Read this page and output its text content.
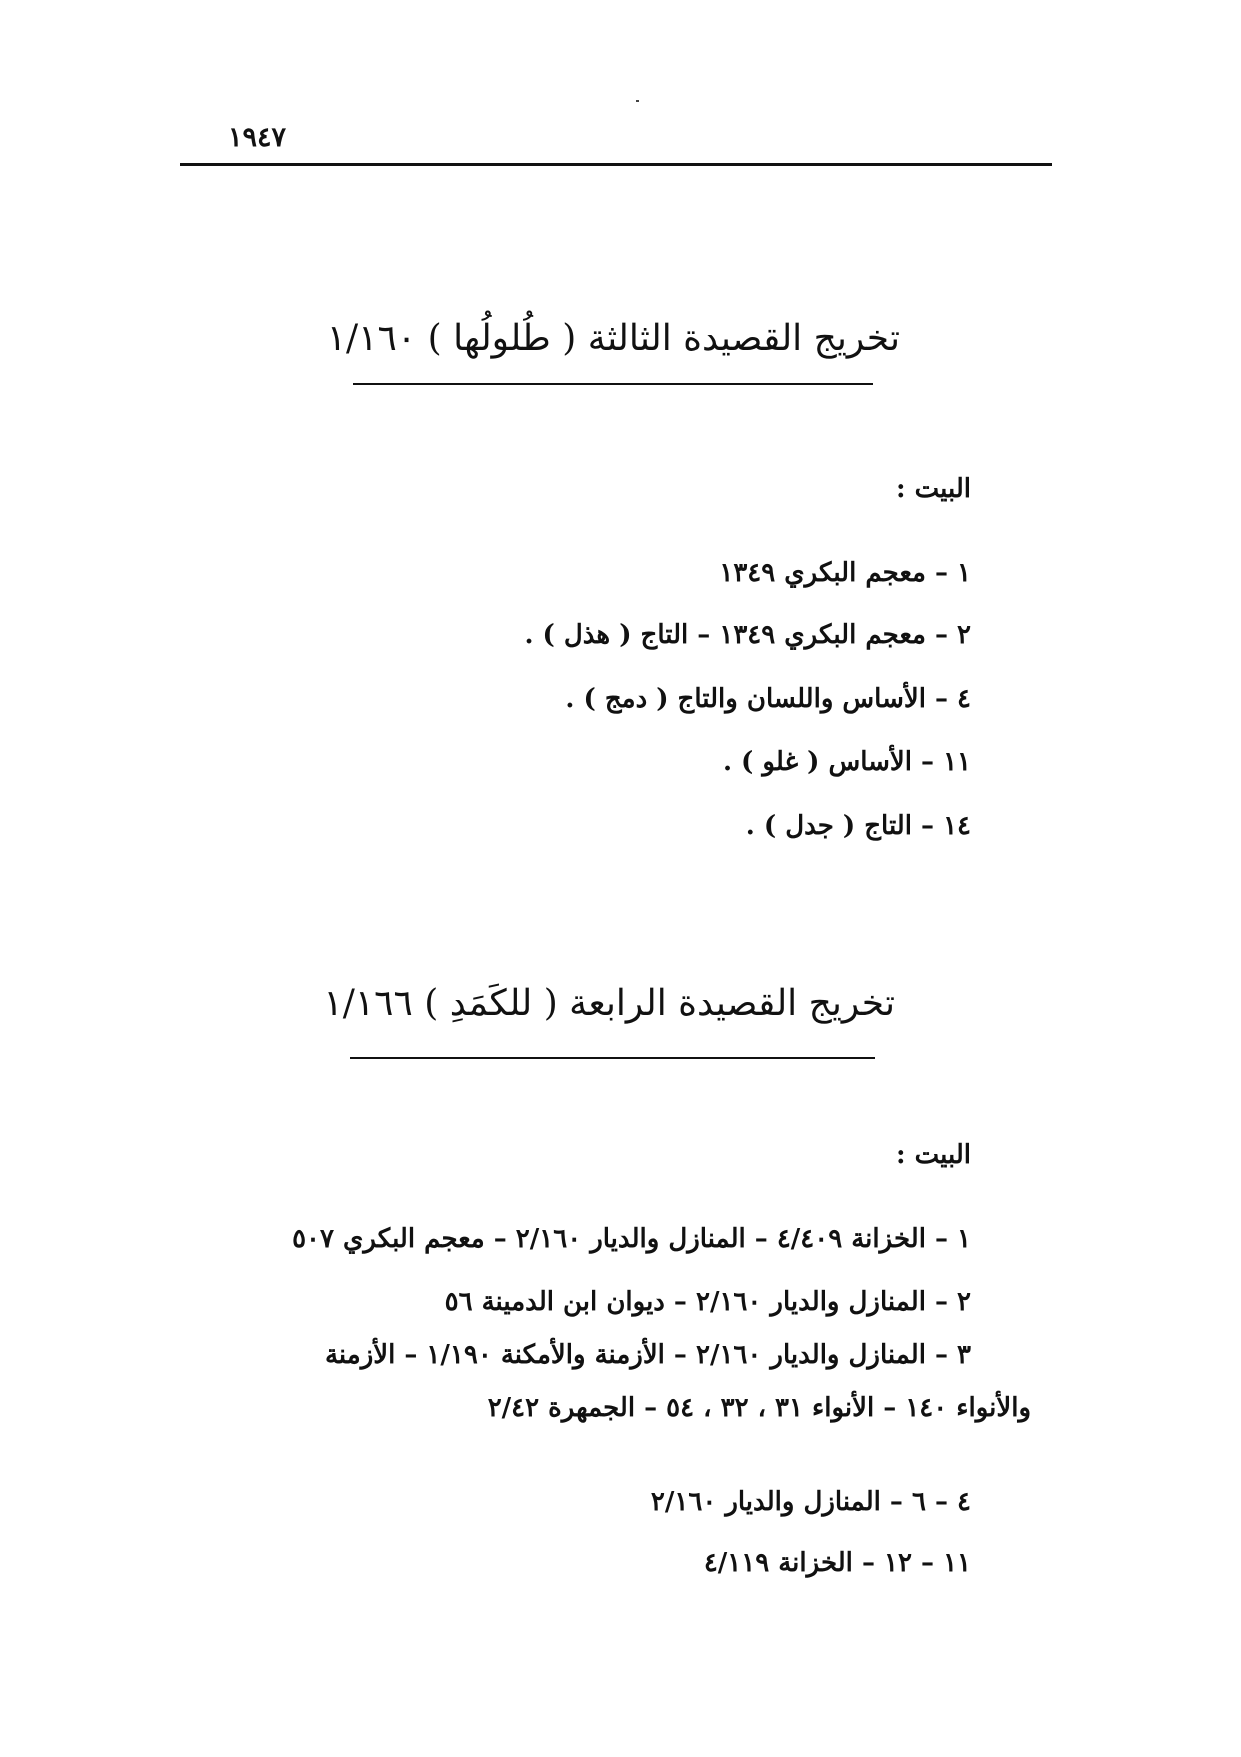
١٩٤٧
تخريج القصيدة الثالثة ( طُلولُها ) ١/١٦٠
البيت :
١ – معجم البكري ١٣٤٩
٢ – معجم البكري ١٣٤٩ – التاج ( هذل ) .
٤ – الأساس واللسان والتاج ( دمج ) .
١١ – الأساس ( غلو ) .
١٤ – التاج ( جدل ) .
تخريج القصيدة الرابعة ( للكَمَدِ ) ١/١٦٦
البيت :
١ – الخزانة ٤/٤٠٩ – المنازل والديار ٢/١٦٠ – معجم البكري ٥٠٧
٢ – المنازل والديار ٢/١٦٠ – ديوان ابن الدمينة ٥٦
٣ – المنازل والديار ٢/١٦٠ – الأزمنة والأمكنة ١/١٩٠ – الأزمنة
والأنواء ١٤٠ – الأنواء ٣١ ، ٣٢ ، ٥٤ – الجمهرة ٢/٤٢
٤ – ٦ – المنازل والديار ٢/١٦٠
١١ – ١٢ – الخزانة ٤/١١٩
